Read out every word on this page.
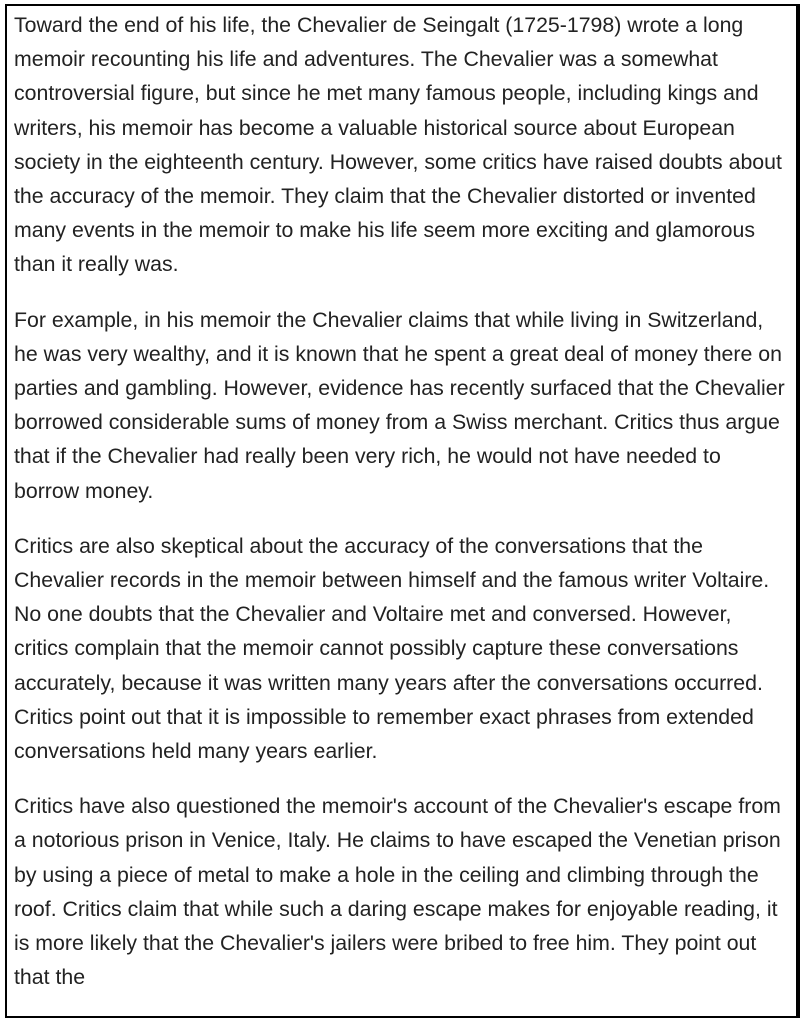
Toward the end of his life, the Chevalier de Seingalt (1725-1798) wrote a long memoir recounting his life and adventures. The Chevalier was a somewhat controversial figure, but since he met many famous people, including kings and writers, his memoir has become a valuable historical source about European society in the eighteenth century. However, some critics have raised doubts about the accuracy of the memoir. They claim that the Chevalier distorted or invented many events in the memoir to make his life seem more exciting and glamorous than it really was.

For example, in his memoir the Chevalier claims that while living in Switzerland, he was very wealthy, and it is known that he spent a great deal of money there on parties and gambling. However, evidence has recently surfaced that the Chevalier borrowed considerable sums of money from a Swiss merchant. Critics thus argue that if the Chevalier had really been very rich, he would not have needed to borrow money.

Critics are also skeptical about the accuracy of the conversations that the Chevalier records in the memoir between himself and the famous writer Voltaire. No one doubts that the Chevalier and Voltaire met and conversed. However, critics complain that the memoir cannot possibly capture these conversations accurately, because it was written many years after the conversations occurred. Critics point out that it is impossible to remember exact phrases from extended conversations held many years earlier.

Critics have also questioned the memoir's account of the Chevalier's escape from a notorious prison in Venice, Italy. He claims to have escaped the Venetian prison by using a piece of metal to make a hole in the ceiling and climbing through the roof. Critics claim that while such a daring escape makes for enjoyable reading, it is more likely that the Chevalier's jailers were bribed to free him. They point out that the
